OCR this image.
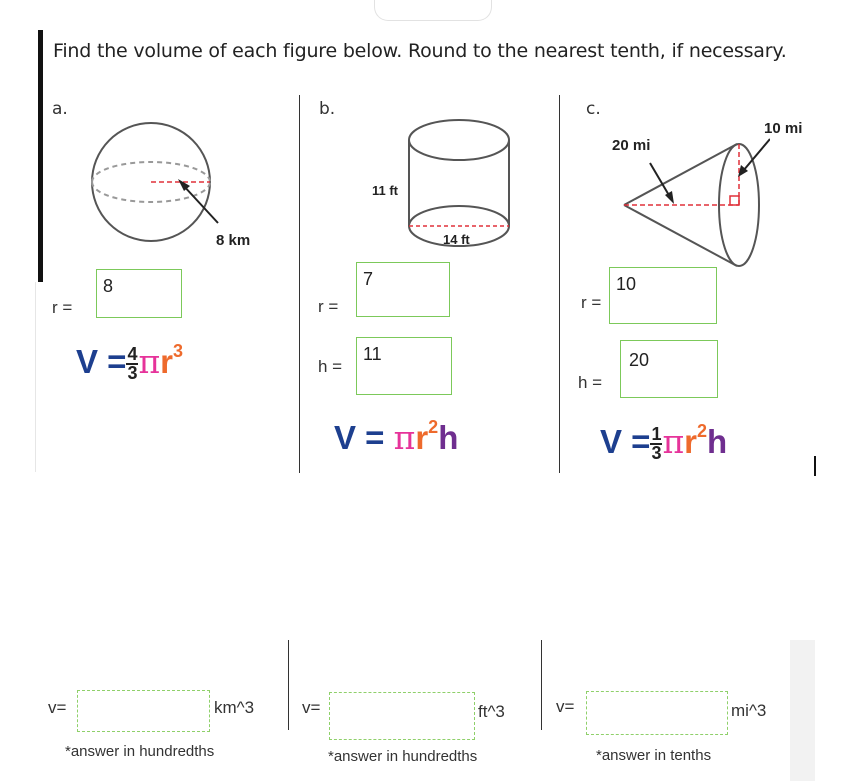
Find the volume of each figure below. Round to the nearest tenth, if necessary.
a.	b.	c.
8 km
11 ft
14 ft
20 mi
10 mi
r =
8
r =
7
h =
11
r =
10
h =
20
$V = \frac{4}{3} \pi r^3$
$V = \pi r^2h$	$V = \frac{1}{3} \pi r^2h$
v=	km^3
*answer in hundredths
v=	ft^3
*answer in hundredths
v=	mi^3
*answer in tenths
